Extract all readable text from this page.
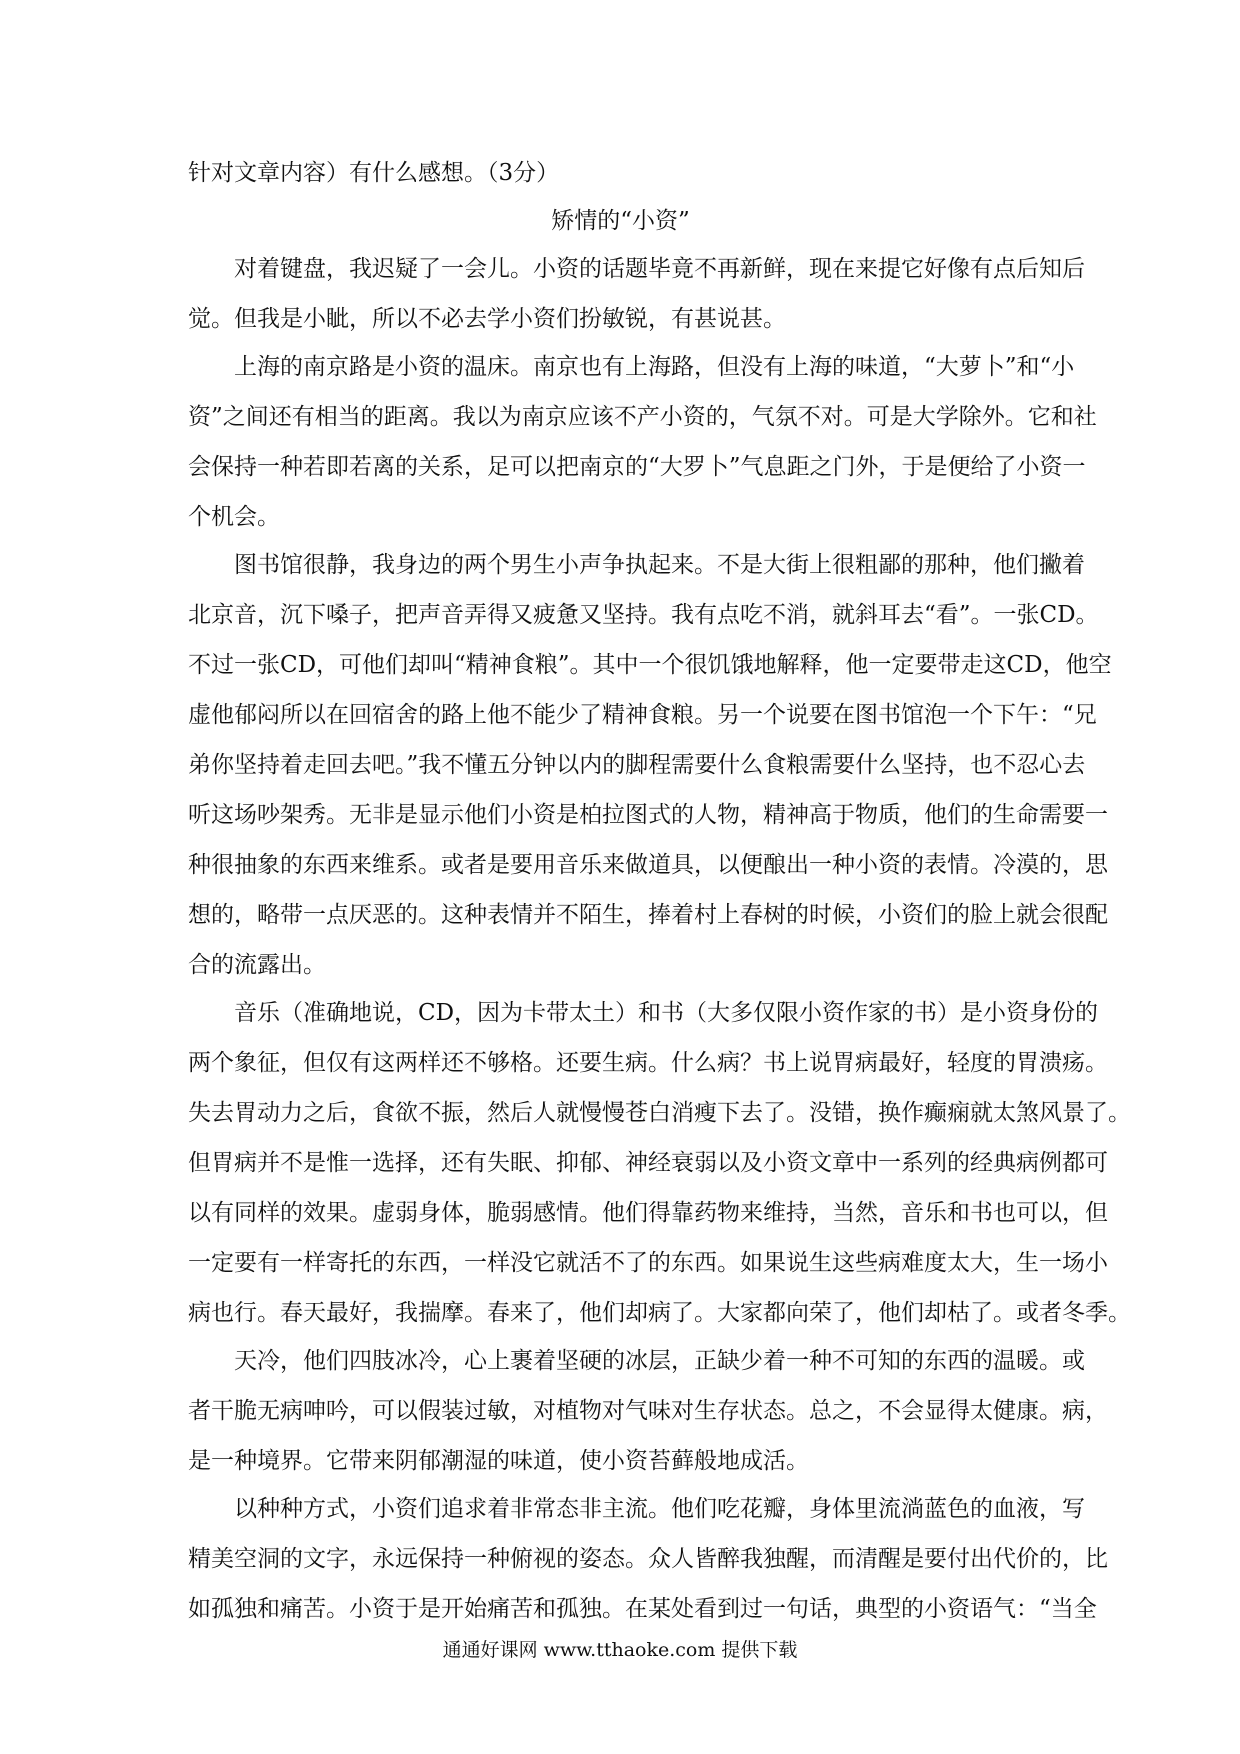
针对文章内容）有什么感想。（3分）
矫情的“小资”
对着键盘，我迟疑了一会儿。小资的话题毕竟不再新鲜，现在来提它好像有点后知后
觉。但我是小眦，所以不必去学小资们扮敏锐，有甚说甚。
上海的南京路是小资的温床。南京也有上海路，但没有上海的味道，“大萝卜”和“小
资”之间还有相当的距离。我以为南京应该不产小资的，气氛不对。可是大学除外。它和社
会保持一种若即若离的关系，足可以把南京的“大罗卜”气息距之门外，于是便给了小资一
个机会。
图书馆很静，我身边的两个男生小声争执起来。不是大街上很粗鄙的那种，他们撇着
北京音，沉下嗓子，把声音弄得又疲惫又坚持。我有点吃不消，就斜耳去“看”。一张CD。
不过一张CD，可他们却叫“精神食粮”。其中一个很饥饿地解释，他一定要带走这CD，他空
虚他郁闷所以在回宿舍的路上他不能少了精神食粮。另一个说要在图书馆泡一个下午：“兄
弟你坚持着走回去吧。”我不懂五分钟以内的脚程需要什么食粮需要什么坚持，也不忍心去
听这场吵架秀。无非是显示他们小资是柏拉图式的人物，精神高于物质，他们的生命需要一
种很抽象的东西来维系。或者是要用音乐来做道具，以便酿出一种小资的表情。冷漠的，思
想的，略带一点厌恶的。这种表情并不陌生，捧着村上春树的时候，小资们的脸上就会很配
合的流露出。
音乐（准确地说，CD，因为卡带太土）和书（大多仅限小资作家的书）是小资身份的
两个象征，但仅有这两样还不够格。还要生病。什么病？书上说胃病最好，轻度的胃溃疡。
失去胃动力之后，食欲不振，然后人就慢慢苍白消瘦下去了。没错，换作癫痫就太煞风景了。
但胃病并不是惟一选择，还有失眠、抑郁、神经衰弱以及小资文章中一系列的经典病例都可
以有同样的效果。虚弱身体，脆弱感情。他们得靠药物来维持，当然，音乐和书也可以，但
一定要有一样寄托的东西，一样没它就活不了的东西。如果说生这些病难度太大，生一场小
病也行。春天最好，我揣摩。春来了，他们却病了。大家都向荣了，他们却枯了。或者冬季。
天冷，他们四肢冰冷，心上裹着坚硬的冰层，正缺少着一种不可知的东西的温暖。或
者干脆无病呻吟，可以假装过敏，对植物对气味对生存状态。总之，不会显得太健康。病，
是一种境界。它带来阴郁潮湿的味道，使小资苔藓般地成活。
以种种方式，小资们追求着非常态非主流。他们吃花瓣，身体里流淌蓝色的血液，写
精美空洞的文字，永远保持一种俯视的姿态。众人皆醉我独醒，而清醒是要付出代价的，比
如孤独和痛苦。小资于是开始痛苦和孤独。在某处看到过一句话，典型的小资语气：“当全
通通好课网 www.tthaoke.com 提供下载
